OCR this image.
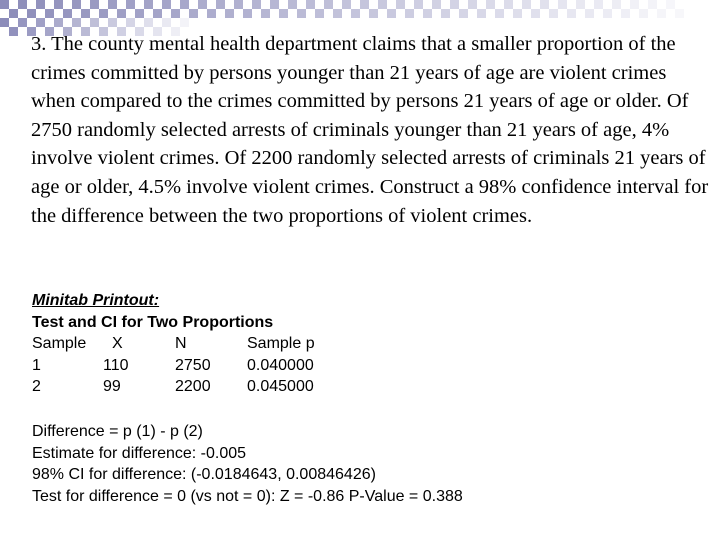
3. The county mental health department claims that a smaller proportion of the crimes committed by persons younger than 21 years of age are violent crimes when compared to the crimes committed by persons 21 years of age or older. Of 2750 randomly selected arrests of criminals younger than 21 years of age, 4% involve violent crimes. Of 2200 randomly selected arrests of criminals 21 years of age or older, 4.5% involve violent crimes. Construct a 98% confidence interval for the difference between the two proportions of violent crimes.

Minitab Printout:
Test and CI for Two Proportions
Sample X	N	Sample p
1	110	2750 0.040000
2	99	2200 0.045000
Difference = p (1) - p (2)
Estimate for difference: -0.005
98% CI for difference: (-0.0184643, 0.00846426)
Test for difference = 0 (vs not = 0): Z = -0.86 P-Value = 0.388
